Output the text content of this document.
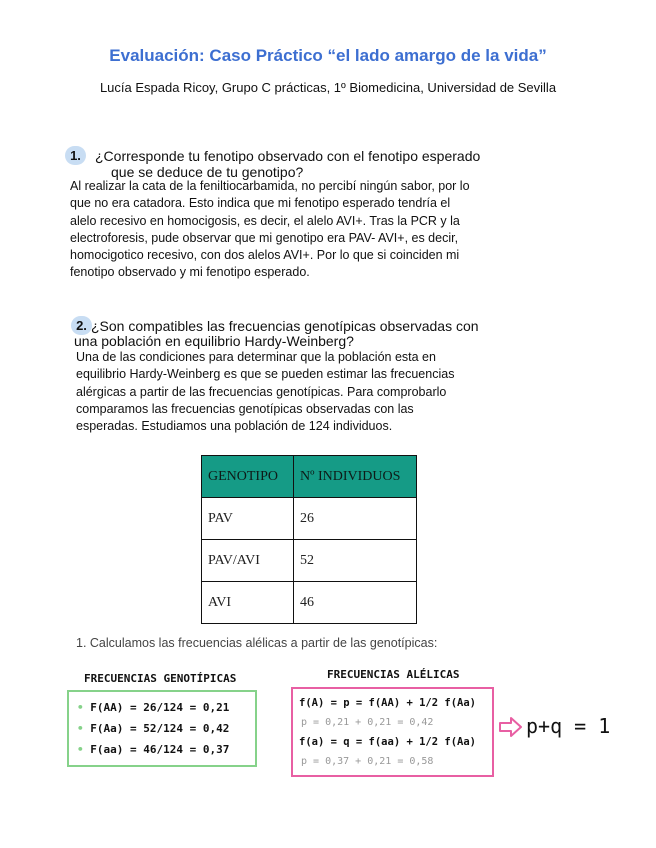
Evaluación: Caso Práctico “el lado amargo de la vida”
Lucía Espada Ricoy, Grupo C prácticas, 1º Biomedicina, Universidad de Sevilla
1.	¿Corresponde tu fenotipo observado con el fenotipo esperado
que se deduce de tu genotipo?
Al realizar la cata de la feniltiocarbamida, no percibí ningún sabor, por lo
que no era catadora. Esto indica que mi fenotipo esperado tendría el
alelo recesivo en homocigosis, es decir, el alelo AVI+. Tras la PCR y la
electroforesis, pude observar que mi genotipo era PAV- AVI+, es decir,
homocigotico recesivo, con dos alelos AVI+. Por lo que si coinciden mi
fenotipo observado y mi fenotipo esperado.
2. ¿Son compatibles las frecuencias genotípicas observadas con
una población en equilibrio Hardy-Weinberg?
Una de las condiciones para determinar que la población esta en
equilibrio Hardy-Weinberg es que se pueden estimar las frecuencias
alérgicas a partir de las frecuencias genotípicas. Para comprobarlo
comparamos las frecuencias genotípicas observadas con las
esperadas. Estudiamos una población de 124 individuos.
GENOTIPO	Nº INDIVIDUOS
PAV	26
PAV/AVI	52
AVI	46
1. Calculamos las frecuencias alélicas a partir de las genotípicas:
FRECUENCIAS GENOTÍPICAS
• F(AA) = 26/124 = 0,21
• F(Aa) = 52/124 = 0,42
• F(aa) = 46/124 = 0,37
FRECUENCIAS ALÉLICAS
f(A) = p = f(AA) + 1/2 f(Aa)
p = 0,21 + 0,21 = 0,42
f(a) = q = f(aa) + 1/2 f(Aa)
p = 0,37 + 0,21 = 0,58
p+q = 1
